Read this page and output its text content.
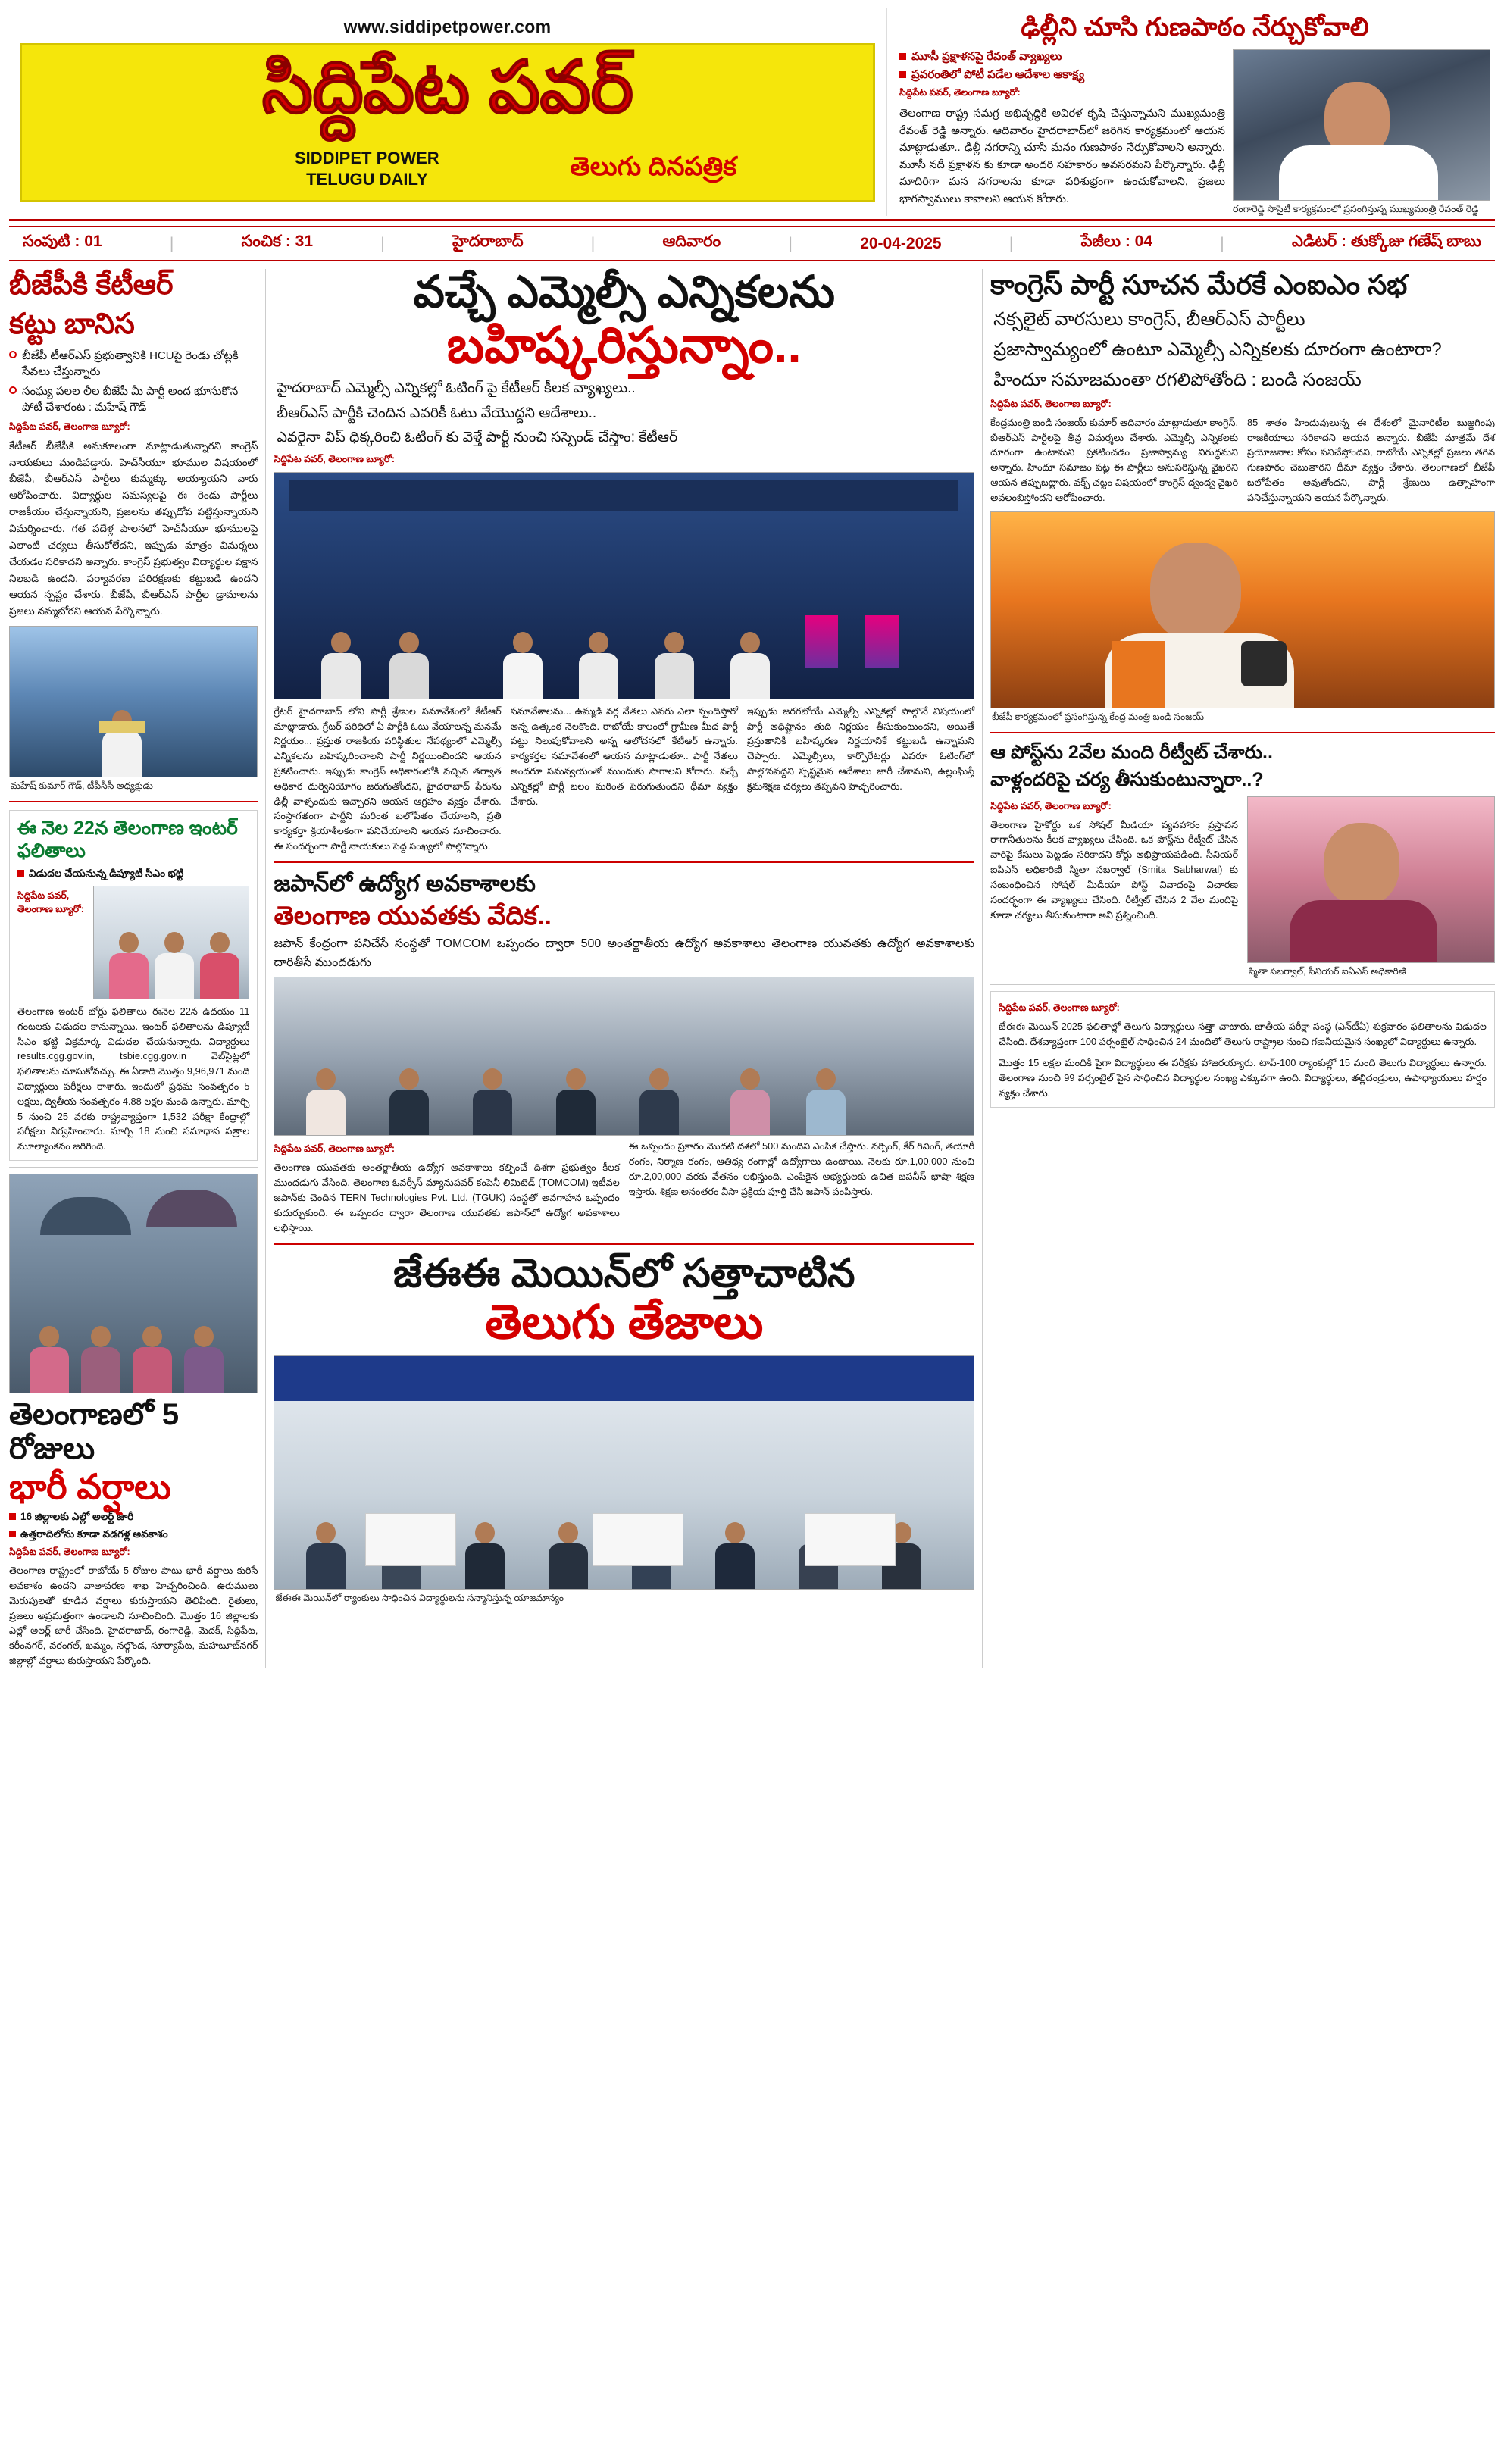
www.siddipetpower.com
సిద్దిపేట పవర్
SIDDIPET POWER
TELUGU DAILY	తెలుగు దినపత్రిక
ఢిల్లీని చూసి గుణపాఠం నేర్చుకోవాలి
మూసీ ప్రక్షాళనపై రేవంత్ వ్యాఖ్యలు
ప్రవరంతిలో పోటీ పడేల ఆదేశాల ఆకాక్ష్య
సిద్దిపేట పవర్, తెలంగాణ బ్యూరో:
తెలంగాణ రాష్ట్ర సమగ్ర అభివృద్ధికి అవిరళ కృషి చేస్తున్నామని ముఖ్యమంత్రి రేవంత్ రెడ్డి అన్నారు. ఆదివారం హైదరాబాద్‌లో జరిగిన కార్యక్రమంలో ఆయన మాట్లాడుతూ.. ఢిల్లీ నగరాన్ని చూసి మనం గుణపాఠం నేర్చుకోవాలని అన్నారు. మూసీ నదీ ప్రక్షాళన కు కూడా అందరి సహకారం అవసరమని పేర్కొన్నారు. ఢిల్లీ మాదిరిగా మన నగరాలను కూడా పరిశుభ్రంగా ఉంచుకోవాలని, ప్రజలు భాగస్వాములు కావాలని ఆయన కోరారు.
రంగారెడ్డి సొసైటీ కార్యక్రమంలో ప్రసంగిస్తున్న ముఖ్యమంత్రి రేవంత్ రెడ్డి
సంపుటి : 01	|	సంచిక : 31	|	హైదరాబాద్	|	ఆదివారం	|	20-04-2025	|	పేజీలు : 04	|	ఎడిటర్ : తుక్కోజు గణేష్ బాబు
బీజేపీకి కేటీఆర్
కట్టు బానిస
బీజేపీ టీఆర్ఎస్ ప్రభుత్వానికి HCUపై రెండు చోట్లకి సేవలు చేస్తున్నారు
సంఘ్య పలల లీల బీజేపీ మీ పార్టీ అంద భూసుకొన పోటీ చేశారంట : మహేష్ గౌడ్
సిద్దిపేట పవర్, తెలంగాణ బ్యూరో:
కేటీఆర్ బీజేపీకి అనుకూలంగా మాట్లాడుతున్నారని కాంగ్రెస్ నాయకులు మండిపడ్డారు. హెచ్‌సీయూ భూముల విషయంలో బీజేపీ, బీఆర్ఎస్ పార్టీలు కుమ్మక్కు అయ్యాయని వారు ఆరోపించారు. విద్యార్థుల సమస్యలపై ఈ రెండు పార్టీలు రాజకీయం చేస్తున్నాయని, ప్రజలను తప్పుదోవ పట్టిస్తున్నాయని విమర్శించారు. గత పదేళ్ల పాలనలో హెచ్‌సీయూ భూములపై ఎలాంటి చర్యలు తీసుకోలేదని, ఇప్పుడు మాత్రం విమర్శలు చేయడం సరికాదని అన్నారు. కాంగ్రెస్ ప్రభుత్వం విద్యార్థుల పక్షాన నిలబడి ఉందని, పర్యావరణ పరిరక్షణకు కట్టుబడి ఉందని ఆయన స్పష్టం చేశారు. బీజేపీ, బీఆర్ఎస్ పార్టీల డ్రామాలను ప్రజలు నమ్మబోరని ఆయన పేర్కొన్నారు.
మహేష్ కుమార్ గౌడ్, టీపీసీసీ అధ్యక్షుడు
ఈ నెల 22న తెలంగాణ ఇంటర్ ఫలితాలు
విడుదల చేయనున్న డిప్యూటీ సీఎం భట్టి
సిద్దిపేట పవర్, తెలంగాణ బ్యూరో:
తెలంగాణ ఇంటర్ బోర్డు ఫలితాలు ఈనెల 22న ఉదయం 11 గంటలకు విడుదల కానున్నాయి. ఇంటర్ ఫలితాలను డిప్యూటీ సీఎం భట్టి విక్రమార్క విడుదల చేయనున్నారు. విద్యార్థులు results.cgg.gov.in, tsbie.cgg.gov.in వెబ్‌సైట్లలో ఫలితాలను చూసుకోవచ్చు. ఈ ఏడాది మొత్తం 9,96,971 మంది విద్యార్థులు పరీక్షలు రాశారు. ఇందులో ప్రథమ సంవత్సరం 5 లక్షలు, ద్వితీయ సంవత్సరం 4.88 లక్షల మంది ఉన్నారు. మార్చి 5 నుంచి 25 వరకు రాష్ట్రవ్యాప్తంగా 1,532 పరీక్షా కేంద్రాల్లో పరీక్షలు నిర్వహించారు. మార్చి 18 నుంచి సమాధాన పత్రాల మూల్యాంకనం జరిగింది.
తెలంగాణలో 5 రోజులు
భారీ వర్షాలు
16 జిల్లాలకు ఎల్లో అలర్ట్ జారీ
ఉత్తరాదిలోను కూడా వడగళ్ల అవకాశం
సిద్దిపేట పవర్, తెలంగాణ బ్యూరో:
తెలంగాణ రాష్ట్రంలో రాబోయే 5 రోజుల పాటు భారీ వర్షాలు కురిసే అవకాశం ఉందని వాతావరణ శాఖ హెచ్చరించింది. ఉరుములు మెరుపులతో కూడిన వర్షాలు కురుస్తాయని తెలిపింది. రైతులు, ప్రజలు అప్రమత్తంగా ఉండాలని సూచించింది. మొత్తం 16 జిల్లాలకు ఎల్లో అలర్ట్ జారీ చేసింది. హైదరాబాద్, రంగారెడ్డి, మెదక్, సిద్దిపేట, కరీంనగర్, వరంగల్, ఖమ్మం, నల్గొండ, సూర్యాపేట, మహబూబ్‌నగర్ జిల్లాల్లో వర్షాలు కురుస్తాయని పేర్కొంది.
వచ్చే ఎమ్మెల్సీ ఎన్నికలను
బహిష్కరిస్తున్నాం..
హైదరాబాద్ ఎమ్మెల్సీ ఎన్నికల్లో ఓటింగ్ పై కేటీఆర్ కీలక వ్యాఖ్యలు..
బీఆర్ఎస్ పార్టీకి చెందిన ఎవరికీ ఓటు వేయొద్దని ఆదేశాలు..
ఎవరైనా విప్ ధిక్కరించి ఓటింగ్ కు వెళ్తే పార్టీ నుంచి సస్పెండ్ చేస్తాం: కేటీఆర్
సిద్దిపేట పవర్, తెలంగాణ బ్యూరో:
గ్రేటర్ హైదరాబాద్ లోని పార్టీ శ్రేణుల సమావేశంలో కేటీఆర్ మాట్లాడారు. గ్రేటర్ పరిధిలో ఏ పార్టీకి ఓటు వేయాలన్న మనమే నిర్ణయం... ప్రస్తుత రాజకీయ పరిస్థితుల నేపథ్యంలో ఎమ్మెల్సీ ఎన్నికలను బహిష్కరించాలని పార్టీ నిర్ణయించిందని ఆయన ప్రకటించారు. ఇప్పుడు కాంగ్రెస్ అధికారంలోకి వచ్చిన తర్వాత అధికార దుర్వినియోగం జరుగుతోందని, హైదరాబాద్ పేరును ఢిల్లీ వాళ్ళందుకు ఇచ్చారని ఆయన ఆగ్రహం వ్యక్తం చేశారు. సంస్థాగతంగా పార్టీని మరింత బలోపేతం చేయాలని, ప్రతి కార్యకర్తా క్రియాశీలకంగా పనిచేయాలని ఆయన సూచించారు. ఈ సందర్భంగా పార్టీ నాయకులు పెద్ద సంఖ్యలో పాల్గొన్నారు.
సమావేశాలను... ఉమ్మడి వర్గ నేతలు ఎవరు ఎలా స్పందిస్తారో అన్న ఉత్కంఠ నెలకొంది. రాబోయే కాలంలో గ్రామీణ మీద పార్టీ పట్టు నిలుపుకోవాలని అన్న ఆలోచనలో కేటీఆర్ ఉన్నారు. కార్యకర్తల సమావేశంలో ఆయన మాట్లాడుతూ.. పార్టీ నేతలు అందరూ సమన్వయంతో ముందుకు సాగాలని కోరారు. వచ్చే ఎన్నికల్లో పార్టీ బలం మరింత పెరుగుతుందని ధీమా వ్యక్తం చేశారు.
ఇప్పుడు జరగబోయే ఎమ్మెల్సీ ఎన్నికల్లో పాల్గొనే విషయంలో పార్టీ అధిష్టానం తుది నిర్ణయం తీసుకుంటుందని, అయితే ప్రస్తుతానికి బహిష్కరణ నిర్ణయానికే కట్టుబడి ఉన్నామని చెప్పారు. ఎమ్మెల్సీలు, కార్పొరేటర్లు ఎవరూ ఓటింగ్‌లో పాల్గొనవద్దని స్పష్టమైన ఆదేశాలు జారీ చేశామని, ఉల్లంఘిస్తే క్రమశిక్షణ చర్యలు తప్పవని హెచ్చరించారు.
జపాన్‌లో ఉద్యోగ అవకాశాలకు
తెలంగాణ యువతకు వేదిక..
జపాన్ కేంద్రంగా పనిచేసే సంస్థతో TOMCOM ఒప్పందం ద్వారా 500 అంతర్జాతీయ ఉద్యోగ అవకాశాలు తెలంగాణ యువతకు ఉద్యోగ అవకాశాలకు దారితీసే ముందడుగు
సిద్దిపేట పవర్, తెలంగాణ బ్యూరో:
తెలంగాణ యువతకు అంతర్జాతీయ ఉద్యోగ అవకాశాలు కల్పించే దిశగా ప్రభుత్వం కీలక ముందడుగు వేసింది. తెలంగాణ ఓవర్సీస్ మ్యానుపవర్ కంపెనీ లిమిటెడ్ (TOMCOM) ఇటీవల జపాన్‌కు చెందిన TERN Technologies Pvt. Ltd. (TGUK) సంస్థతో అవగాహన ఒప్పందం కుదుర్చుకుంది. ఈ ఒప్పందం ద్వారా తెలంగాణ యువతకు జపాన్‌లో ఉద్యోగ అవకాశాలు లభిస్తాయి.
ఈ ఒప్పందం ప్రకారం మొదటి దశలో 500 మందిని ఎంపిక చేస్తారు. నర్సింగ్, కేర్ గివింగ్, తయారీ రంగం, నిర్మాణ రంగం, ఆతిథ్య రంగాల్లో ఉద్యోగాలు ఉంటాయి. నెలకు రూ.1,00,000 నుంచి రూ.2,00,000 వరకు వేతనం లభిస్తుంది. ఎంపికైన అభ్యర్థులకు ఉచిత జపనీస్ భాషా శిక్షణ ఇస్తారు. శిక్షణ అనంతరం వీసా ప్రక్రియ పూర్తి చేసి జపాన్ పంపిస్తారు.
జేఈఈ మెయిన్‌లో సత్తాచాటిన
తెలుగు తేజాలు
జేఈఈ మెయిన్‌లో ర్యాంకులు సాధించిన విద్యార్థులను సన్మానిస్తున్న యాజమాన్యం
కాంగ్రెస్ పార్టీ సూచన మేరకే ఎంఐఎం సభ
నక్సలైట్ వారసులు కాంగ్రెస్, బీఆర్ఎస్ పార్టీలు
ప్రజాస్వామ్యంలో ఉంటూ ఎమ్మెల్సీ ఎన్నికలకు దూరంగా ఉంటారా?
హిందూ సమాజమంతా రగలిపోతోంది : బండి సంజయ్
సిద్దిపేట పవర్, తెలంగాణ బ్యూరో:
కేంద్రమంత్రి బండి సంజయ్ కుమార్ ఆదివారం మాట్లాడుతూ కాంగ్రెస్, బీఆర్ఎస్ పార్టీలపై తీవ్ర విమర్శలు చేశారు. ఎమ్మెల్సీ ఎన్నికలకు దూరంగా ఉంటామని ప్రకటించడం ప్రజాస్వామ్య విరుద్ధమని అన్నారు. హిందూ సమాజం పట్ల ఈ పార్టీలు అనుసరిస్తున్న వైఖరిని ఆయన తప్పుబట్టారు. వక్ఫ్ చట్టం విషయంలో కాంగ్రెస్ ద్వంద్వ వైఖరి అవలంబిస్తోందని ఆరోపించారు.
85 శాతం హిందువులున్న ఈ దేశంలో మైనారిటీల బుజ్జగింపు రాజకీయాలు సరికాదని ఆయన అన్నారు. బీజేపీ మాత్రమే దేశ ప్రయోజనాల కోసం పనిచేస్తోందని, రాబోయే ఎన్నికల్లో ప్రజలు తగిన గుణపాఠం చెబుతారని ధీమా వ్యక్తం చేశారు. తెలంగాణలో బీజేపీ బలోపేతం అవుతోందని, పార్టీ శ్రేణులు ఉత్సాహంగా పనిచేస్తున్నాయని ఆయన పేర్కొన్నారు.
బీజేపీ కార్యక్రమంలో ప్రసంగిస్తున్న కేంద్ర మంత్రి బండి సంజయ్
ఆ పోస్ట్‌ను 2వేల మంది రీట్వీట్ చేశారు..
వాళ్లందరిపై చర్య తీసుకుంటున్నారా..?
సిద్దిపేట పవర్, తెలంగాణ బ్యూరో:
తెలంగాణ హైకోర్టు ఒక సోషల్ మీడియా వ్యవహారం ప్రస్తావన రాగానీతులను కీలక వ్యాఖ్యలు చేసింది. ఒక పోస్ట్‌ను రీట్వీట్ చేసిన వారిపై కేసులు పెట్టడం సరికాదని కోర్టు అభిప్రాయపడింది. సీనియర్ ఐపీఎస్ అధికారిణి స్మితా సబర్వాల్ (Smita Sabharwal) కు సంబంధించిన సోషల్ మీడియా పోస్ట్ వివాదంపై విచారణ సందర్భంగా ఈ వ్యాఖ్యలు చేసింది. రీట్వీట్ చేసిన 2 వేల మందిపై కూడా చర్యలు తీసుకుంటారా అని ప్రశ్నించింది.
స్మితా సబర్వాల్, సీనియర్ ఐఏఎస్ అధికారిణి
సిద్దిపేట పవర్, తెలంగాణ బ్యూరో:
జేఈఈ మెయిన్ 2025 ఫలితాల్లో తెలుగు విద్యార్థులు సత్తా చాటారు. జాతీయ పరీక్షా సంస్థ (ఎన్‌టీఏ) శుక్రవారం ఫలితాలను విడుదల చేసింది. దేశవ్యాప్తంగా 100 పర్సంటైల్ సాధించిన 24 మందిలో తెలుగు రాష్ట్రాల నుంచి గణనీయమైన సంఖ్యలో విద్యార్థులు ఉన్నారు.
మొత్తం 15 లక్షల మందికి పైగా విద్యార్థులు ఈ పరీక్షకు హాజరయ్యారు. టాప్-100 ర్యాంకుల్లో 15 మంది తెలుగు విద్యార్థులు ఉన్నారు. తెలంగాణ నుంచి 99 పర్సంటైల్ పైన సాధించిన విద్యార్థుల సంఖ్య ఎక్కువగా ఉంది. విద్యార్థులు, తల్లిదండ్రులు, ఉపాధ్యాయులు హర్షం వ్యక్తం చేశారు.
